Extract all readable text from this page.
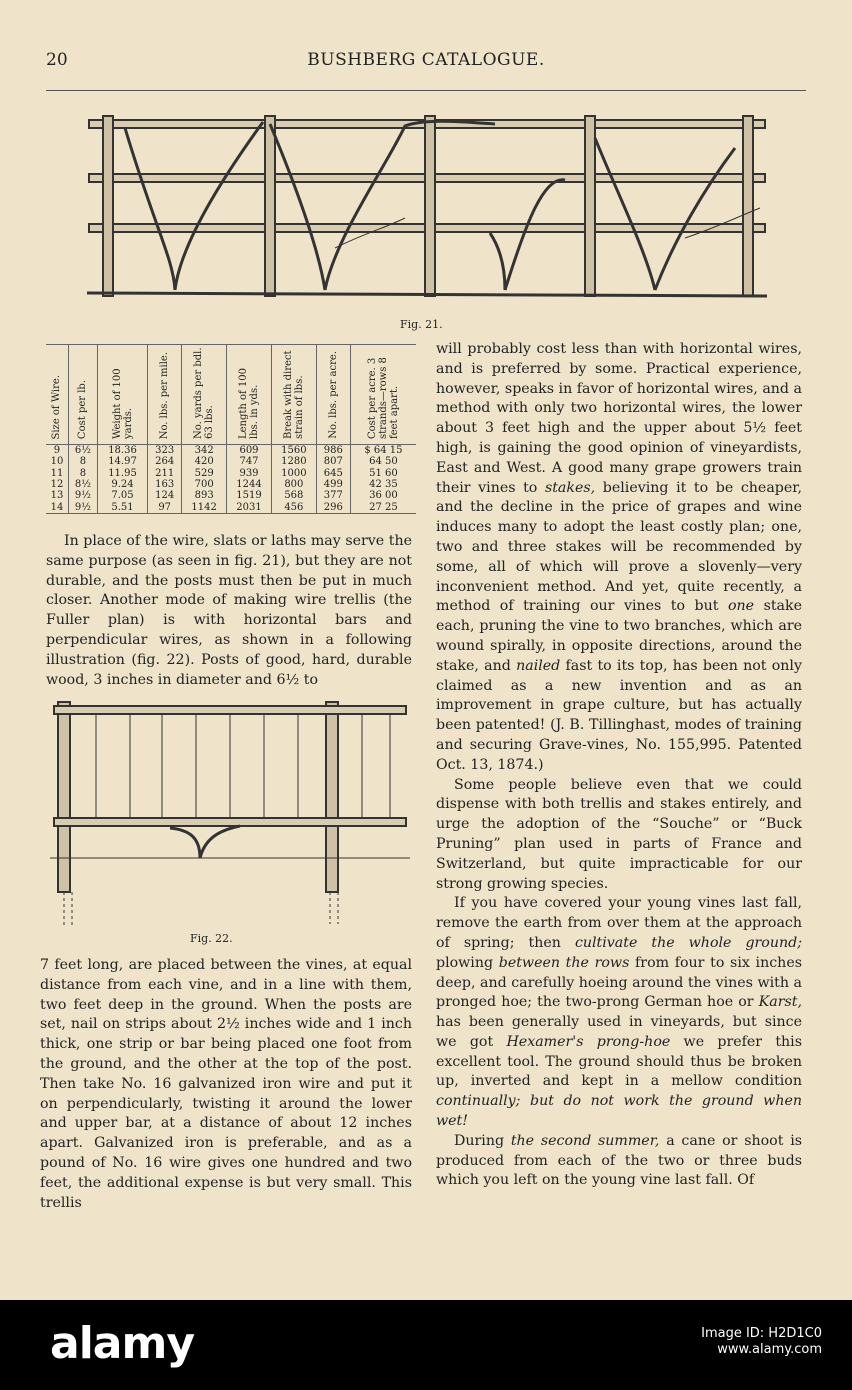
20	BUSHBERG CATALOGUE.
Fig. 21.
Size of Wire.	Cost per lb.	Weight of 100 yards.	No. lbs. per mile.	No. yards per bdl. 63 lbs.	Length of 100 lbs. in yds.	Break with direct strain of lbs.	No. lbs. per acre.	Cost per acre. 3 strands—rows 8 feet apart.
9	6½	18.36	323	342	609	1560	986	$ 64 15
10	8	14.97	264	420	747	1280	807	64 50
11	8	11.95	211	529	939	1000	645	51 60
12	8½	9.24	163	700	1244	800	499	42 35
13	9½	7.05	124	893	1519	568	377	36 00
14	9½	5.51	97	1142	2031	456	296	27 25

In place of the wire, slats or laths may serve the same purpose (as seen in fig. 21), but they are not durable, and the posts must then be put in much closer. Another mode of making wire trellis (the Fuller plan) is with horizontal bars and perpendicular wires, as shown in a following illustration (fig. 22). Posts of good, hard, durable wood, 3 inches in diameter and 6½ to

Fig. 22.

7 feet long, are placed between the vines, at equal distance from each vine, and in a line with them, two feet deep in the ground. When the posts are set, nail on strips about 2½ inches wide and 1 inch thick, one strip or bar being placed one foot from the ground, and the other at the top of the post. Then take No. 16 galvanized iron wire and put it on perpendicularly, twisting it around the lower and upper bar, at a distance of about 12 inches apart. Galvanized iron is preferable, and as a pound of No. 16 wire gives one hundred and two feet, the additional expense is but very small. This trellis

will probably cost less than with horizontal wires, and is preferred by some. Practical experience, however, speaks in favor of horizontal wires, and a method with only two horizontal wires, the lower about 3 feet high and the upper about 5½ feet high, is gaining the good opinion of vineyardists, East and West. A good many grape growers train their vines to stakes, believing it to be cheaper, and the decline in the price of grapes and wine induces many to adopt the least costly plan; one, two and three stakes will be recommended by some, all of which will prove a slovenly—very inconvenient method. And yet, quite recently, a method of training our vines to but one stake each, pruning the vine to two branches, which are wound spirally, in opposite directions, around the stake, and nailed fast to its top, has been not only claimed as a new invention and as an improvement in grape culture, but has actually been patented! (J. B. Tillinghast, modes of training and securing Grave-vines, No. 155,995. Patented Oct. 13, 1874.)

Some people believe even that we could dispense with both trellis and stakes entirely, and urge the adoption of the “Souche” or “Buck Pruning” plan used in parts of France and Switzerland, but quite impracticable for our strong growing species.

If you have covered your young vines last fall, remove the earth from over them at the approach of spring; then cultivate the whole ground; plowing between the rows from four to six inches deep, and carefully hoeing around the vines with a pronged hoe; the two-prong German hoe or Karst, has been generally used in vineyards, but since we got Hexamer's prong-hoe we prefer this excellent tool. The ground should thus be broken up, inverted and kept in a mellow condition continually; but do not work the ground when wet!

During the second summer, a cane or shoot is produced from each of the two or three buds which you left on the young vine last fall. Of

alamy	Image ID: H2D1C0
www.alamy.com
